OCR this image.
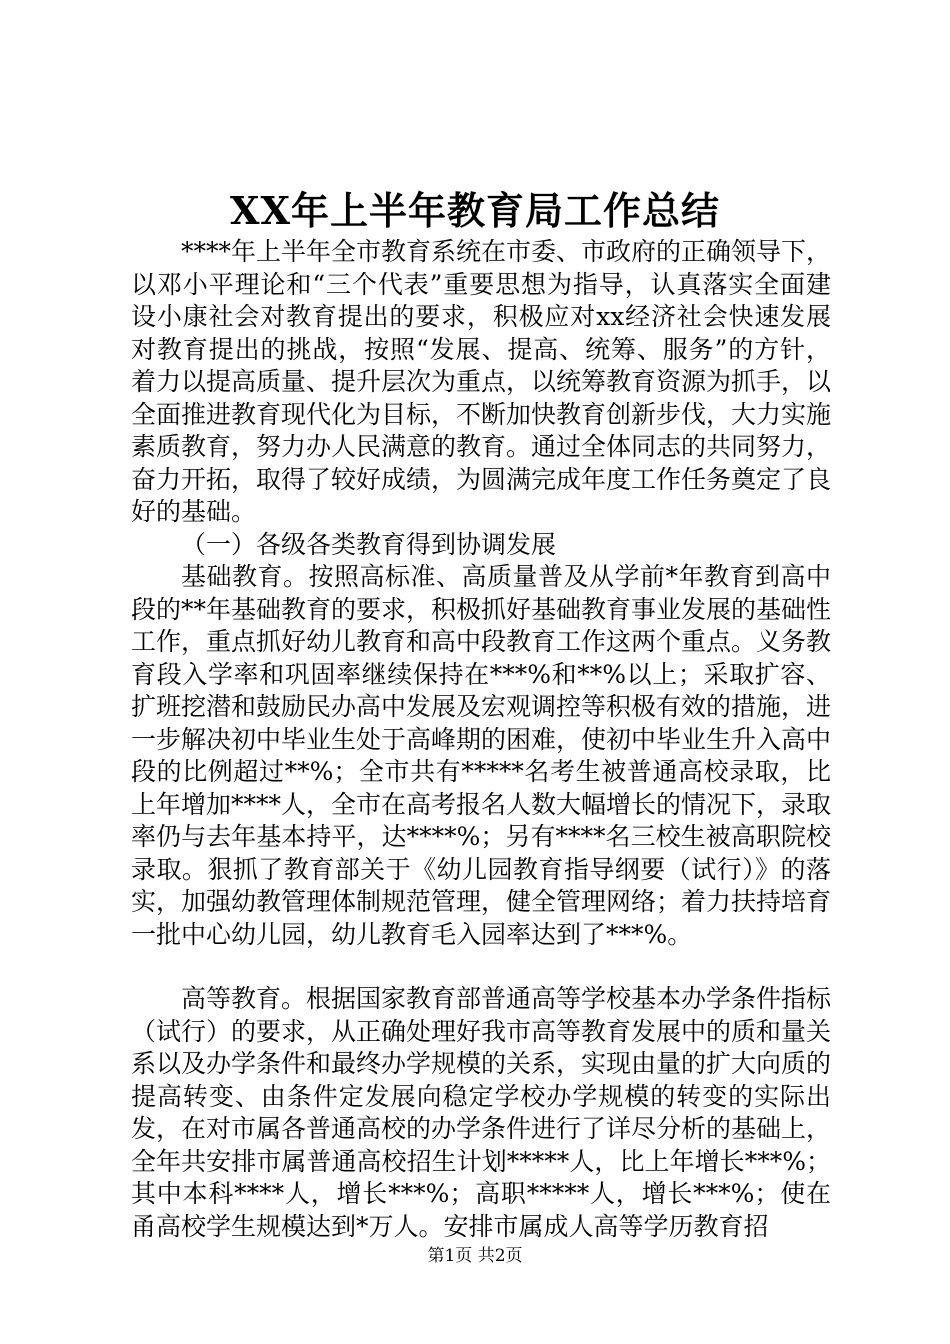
XX年上半年教育局工作总结

****年上半年全市教育系统在市委、市政府的正确领导下，以邓小平理论和“三个代表”重要思想为指导，认真落实全面建设小康社会对教育提出的要求，积极应对xx经济社会快速发展对教育提出的挑战，按照“发展、提高、统筹、服务”的方针，着力以提高质量、提升层次为重点，以统筹教育资源为抓手，以全面推进教育现代化为目标，不断加快教育创新步伐，大力实施素质教育，努力办人民满意的教育。通过全体同志的共同努力，奋力开拓，取得了较好成绩，为圆满完成年度工作任务奠定了良好的基础。

（一）各级各类教育得到协调发展

基础教育。按照高标准、高质量普及从学前*年教育到高中段的**年基础教育的要求，积极抓好基础教育事业发展的基础性工作，重点抓好幼儿教育和高中段教育工作这两个重点。义务教育段入学率和巩固率继续保持在***%和**%以上；采取扩容、扩班挖潜和鼓励民办高中发展及宏观调控等积极有效的措施，进一步解决初中毕业生处于高峰期的困难，使初中毕业生升入高中段的比例超过**%；全市共有*****名考生被普通高校录取，比上年增加****人，全市在高考报名人数大幅增长的情况下，录取率仍与去年基本持平，达****%；另有****名三校生被高职院校录取。狠抓了教育部关于《幼儿园教育指导纲要（试行）》的落实，加强幼教管理体制规范管理，健全管理网络；着力扶持培育一批中心幼儿园，幼儿教育毛入园率达到了***%。

高等教育。根据国家教育部普通高等学校基本办学条件指标（试行）的要求，从正确处理好我市高等教育发展中的质和量关系以及办学条件和最终办学规模的关系，实现由量的扩大向质的提高转变、由条件定发展向稳定学校办学规模的转变的实际出发，在对市属各普通高校的办学条件进行了详尽分析的基础上，全年共安排市属普通高校招生计划*****人，比上年增长***%；其中本科****人，增长***%；高职*****人，增长***%；使在甬高校学生规模达到*万人。安排市属成人高等学历教育招

第1页 共2页
